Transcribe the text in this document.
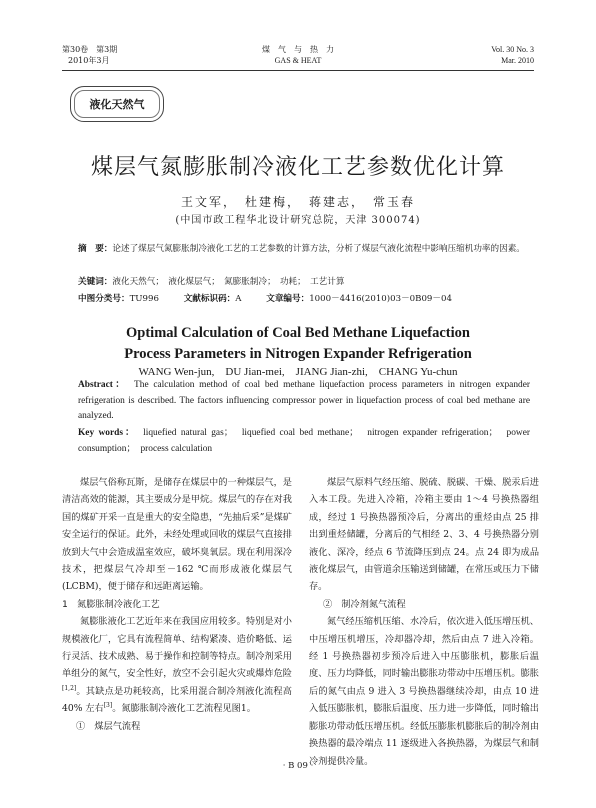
第30卷　第3期
2010年3月
煤　气　与　热　力
GAS & HEAT
Vol. 30 No. 3
Mar. 2010
液化天然气
煤层气氮膨胀制冷液化工艺参数优化计算
王文军，　杜建梅，　蒋建志，　常玉春
(中国市政工程华北设计研究总院，天津 300074)
摘　要：论述了煤层气氮膨胀制冷液化工艺的工艺参数的计算方法，分析了煤层气液化流程中影响压缩机功率的因素。
关键词：液化天然气；　液化煤层气；　氮膨胀制冷；　功耗；　工艺计算
中图分类号：TU996	文献标识码：A	文章编号：1000－4416(2010)03－0B09－04
Optimal Calculation of Coal Bed Methane Liquefaction
Process Parameters in Nitrogen Expander Refrigeration
WANG Wen-jun,　DU Jian-mei,　JIANG Jian-zhi,　CHANG Yu-chun
Abstract：　 The calculation method of coal bed methane liquefaction process parameters in nitrogen expander refrigeration is described. The factors influencing compressor power in liquefaction process of coal bed methane are analyzed.
Key words：　 liquefied natural gas；　liquefied coal bed methane；　nitrogen expander refrigeration；　power consumption；　process calculation

煤层气俗称瓦斯，是储存在煤层中的一种煤层气，是清洁高效的能源，其主要成分是甲烷。煤层气的存在对我国的煤矿开采一直是重大的安全隐患，“先抽后采”是煤矿安全运行的保证。此外，未经处理或回收的煤层气直接排放到大气中会造成温室效应，破坏臭氧层。现在利用深冷技术，把煤层气冷却至－162 ℃而形成液化煤层气(LCBM)，便于储存和远距离运输。

1　氮膨胀制冷液化工艺

氮膨胀液化工艺近年来在我国应用较多。特别是对小规模液化厂，它具有流程简单、结构紧凑、造价略低、运行灵活、技术成熟、易于操作和控制等特点。制冷剂采用单组分的氮气，安全性好，放空不会引起火灾或爆炸危险[1,2]。其缺点是功耗较高，比采用混合制冷剂液化流程高 40% 左右[3]。氮膨胀制冷液化工艺流程见图1。

①　煤层气流程

煤层气原料气经压缩、脱硫、脱碳、干燥、脱汞后进入本工段。先进入冷箱，冷箱主要由 1～4 号换热器组成，经过 1 号换热器预冷后，分离出的重烃由点 25 排出到重烃储罐，分离后的气相经 2、3、4 号换热器分别液化、深冷，经点 6 节流降压到点 24。点 24 即为成品液化煤层气，由管道余压输送到储罐，在常压或压力下储存。

②　制冷剂氮气流程

氮气经压缩机压缩、水冷后，依次进入低压增压机、中压增压机增压，冷却器冷却，然后由点 7 进入冷箱。经 1 号换热器初步预冷后进入中压膨胀机，膨胀后温度、压力均降低，同时输出膨胀功带动中压增压机。膨胀后的氮气由点 9 进入 3 号换热器继续冷却，由点 10 进入低压膨胀机，膨胀后温度、压力进一步降低，同时输出膨胀功带动低压增压机。经低压膨胀机膨胀后的制冷剂由换热器的最冷端点 11 逐级进入各换热器，为煤层气和制冷剂提供冷量。

· B 09 ·
